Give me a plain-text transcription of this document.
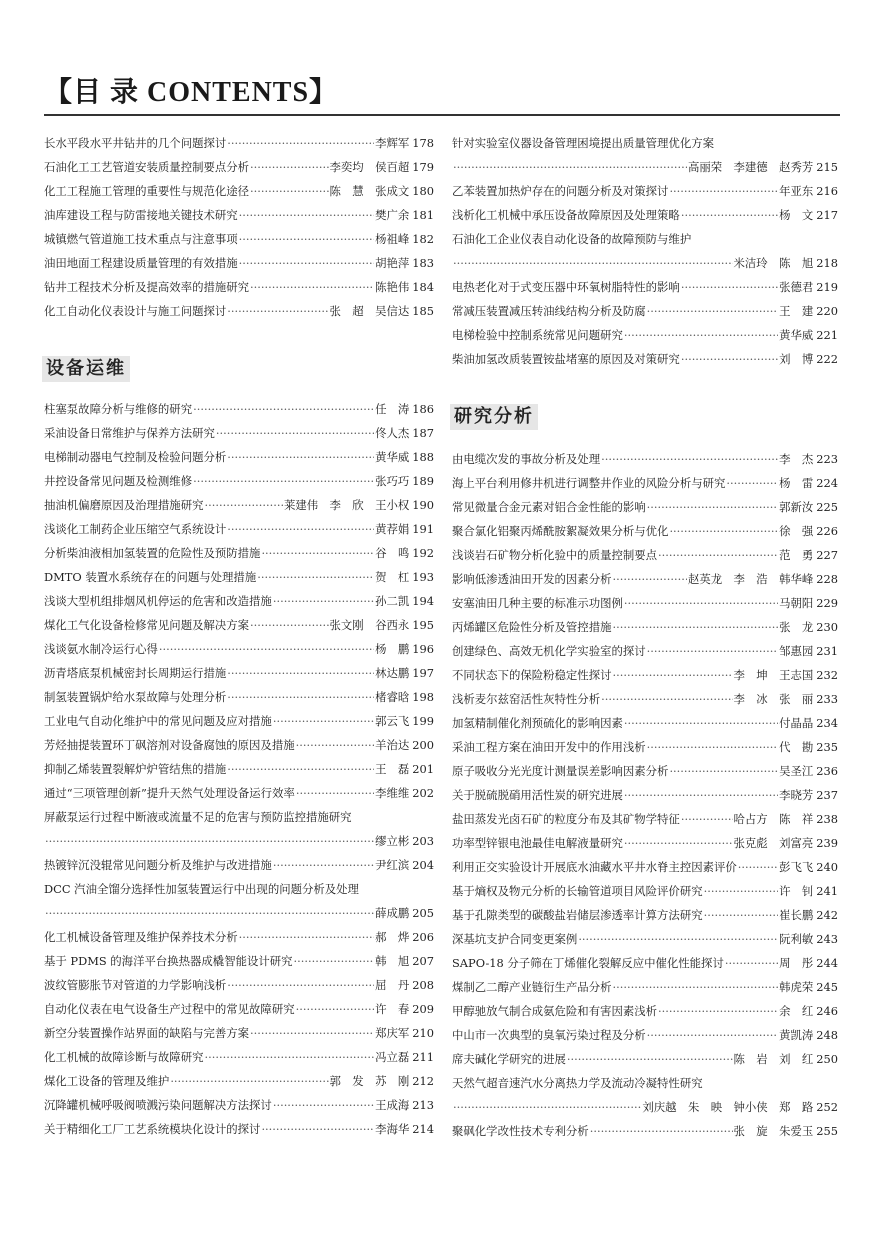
【目 录 CONTENTS】
长水平段水平井钻井的几个问题探讨 ·····	李辉军 178
石油化工工艺管道安装质量控制要点分析 ·····	李奕均　侯百超 179
化工工程施工管理的重要性与规范化途径 ·····	陈　慧　张成文 180
油库建设工程与防雷接地关键技术研究 ·····	樊广余 181
城镇燃气管道施工技术重点与注意事项 ·····	杨祖峰 182
油田地面工程建设质量管理的有效措施 ·····	胡艳萍 183
钻井工程技术分析及提高效率的措施研究 ·····	陈艳伟 184
化工自动化仪表设计与施工问题探讨 ·····	张　超　吴信达 185
设备运维
柱塞泵故障分析与维修的研究 ·····	任　涛 186
采油设备日常维护与保养方法研究 ·····	佟人杰 187
电梯制动器电气控制及检验问题分析 ·····	黄华威 188
井控设备常见问题及检测维修 ·····	张巧巧 189
抽油机偏磨原因及治理措施研究 ·····	莱建伟　李　欣　王小权 190
浅谈化工制药企业压缩空气系统设计 ·····	黄荐娟 191
分析柴油液相加氢装置的危险性及预防措施 ·····	谷　鸣 192
DMTO 装置水系统存在的问题与处理措施 ·····	贺　杠 193
浅谈大型机组排烟风机停运的危害和改造措施 ·····	孙二凯 194
煤化工气化设备检修常见问题及解决方案 ·····	张文刚　谷西永 195
浅谈氨水制冷运行心得 ·····	杨　鹏 196
沥青塔底泵机械密封长周期运行措施 ·····	林达鹏 197
制氢装置锅炉给水泵故障与处理分析 ·····	楮睿晗 198
工业电气自动化维护中的常见问题及应对措施 ·····	郭云飞 199
芳烃抽提装置环丁砜溶剂对设备腐蚀的原因及措施 ·····	羊治达 200
抑制乙烯装置裂解炉炉管结焦的措施 ·····	王　磊 201
通过“三项管理创新”提升天然气处理设备运行效率 ·····	李维维 202
屏蔽泵运行过程中断液或流量不足的危害与预防监控措施研究
·····
缪立彬 203
热镀锌沉没辊常见问题分析及维护与改进措施 ·····	尹红滨 204
DCC 汽油全馏分选择性加氢装置运行中出现的问题分析及处理
·····
薛成鹏 205
化工机械设备管理及维护保养技术分析 ·····	郝　烨 206
基于 PDMS 的海洋平台换热器成橇智能设计研究 ·····	韩　旭 207
波纹管膨胀节对管道的力学影响浅析 ·····	屈　丹 208
自动化仪表在电气设备生产过程中的常见故障研究 ·····	许　春 209
新空分装置操作站界面的缺陷与完善方案 ·····	郑庆军 210
化工机械的故障诊断与故障研究 ·····	冯立磊 211
煤化工设备的管理及维护 ·····	郭　发　苏　刚 212
沉降罐机械呼吸阀喷溅污染问题解决方法探讨 ·····	王成海 213
关于精细化工厂工艺系统模块化设计的探讨 ·····	李海华 214
针对实验室仪器设备管理困境提出质量管理优化方案
·····
高丽荣　李建德　赵秀芳 215
乙苯装置加热炉存在的问题分析及对策探讨 ·····	年亚东 216
浅析化工机械中承压设备故障原因及处理策略 ·····	杨　文 217
石油化工企业仪表自动化设备的故障预防与维护
·····
米洁玲　陈　旭 218
电热老化对于式变压器中环氧树脂特性的影响 ·····	张德君 219
常减压装置减压转油线结构分析及防腐 ·····	王　建 220
电梯检验中控制系统常见问题研究 ·····	黄华威 221
柴油加氢改质装置铵盐堵塞的原因及对策研究 ·····	刘　博 222
研究分析
由电缆次发的事故分析及处理 ·····	李　杰 223
海上平台利用修井机进行调整井作业的风险分析与研究 ·····	杨　雷 224
常见微量合金元素对铝合金性能的影响 ·····	郭新汝 225
聚合氯化铝聚丙烯酰胺絮凝效果分析与优化 ·····	徐　强 226
浅谈岩石矿物分析化验中的质量控制要点 ·····	范　勇 227
影响低渗透油田开发的因素分析 ·····	赵英龙　李　浩　韩华峰 228
安塞油田几种主要的标准示功图例 ·····	马朝阳 229
丙烯罐区危险性分析及管控措施 ·····	张　龙 230
创建绿色、高效无机化学实验室的探讨 ·····	邹惠园 231
不同状态下的保险粉稳定性探讨 ·····	李　坤　王志国 232
浅析麦尔兹窑活性灰特性分析 ·····	李　冰　张　丽 233
加氢精制催化剂预硫化的影响因素 ·····	付晶晶 234
采油工程方案在油田开发中的作用浅析 ·····	代　勘 235
原子吸收分光光度计测量误差影响因素分析 ·····	吴圣江 236
关于脱硫脱硝用活性炭的研究进展 ·····	李晓芳 237
盐田蒸发光卤石矿的粒度分布及其矿物学特征 ·····	哈占方　陈　祥 238
功率型锌银电池最佳电解液量研究 ·····	张克彪　刘富亮 239
利用正交实验设计开展底水油藏水平井水脊主控因素评价 ·····	彭飞飞 240
基于熵权及物元分析的长输管道项目风险评价研究 ·····	许　钊 241
基于孔隙类型的碳酸盐岩储层渗透率计算方法研究 ·····	崔长鹏 242
深基坑支护合同变更案例 ·····	阮利敏 243
SAPO-18 分子筛在丁烯催化裂解反应中催化性能探讨 ·····	周　彤 244
煤制乙二醇产业链衍生产品分析 ·····	韩虎荣 245
甲醇驰放气制合成氨危险和有害因素浅析 ·····	余　红 246
中山市一次典型的臭氧污染过程及分析 ·····	黄凯涛 248
席夫碱化学研究的进展 ·····	陈　岩　刘　红 250
天然气超音速汽水分离热力学及流动冷凝特性研究
·····
刘庆越　朱　映　钟小侠　郑　路 252
聚砜化学改性技术专利分析 ·····	张　旋　朱爱玉 255
